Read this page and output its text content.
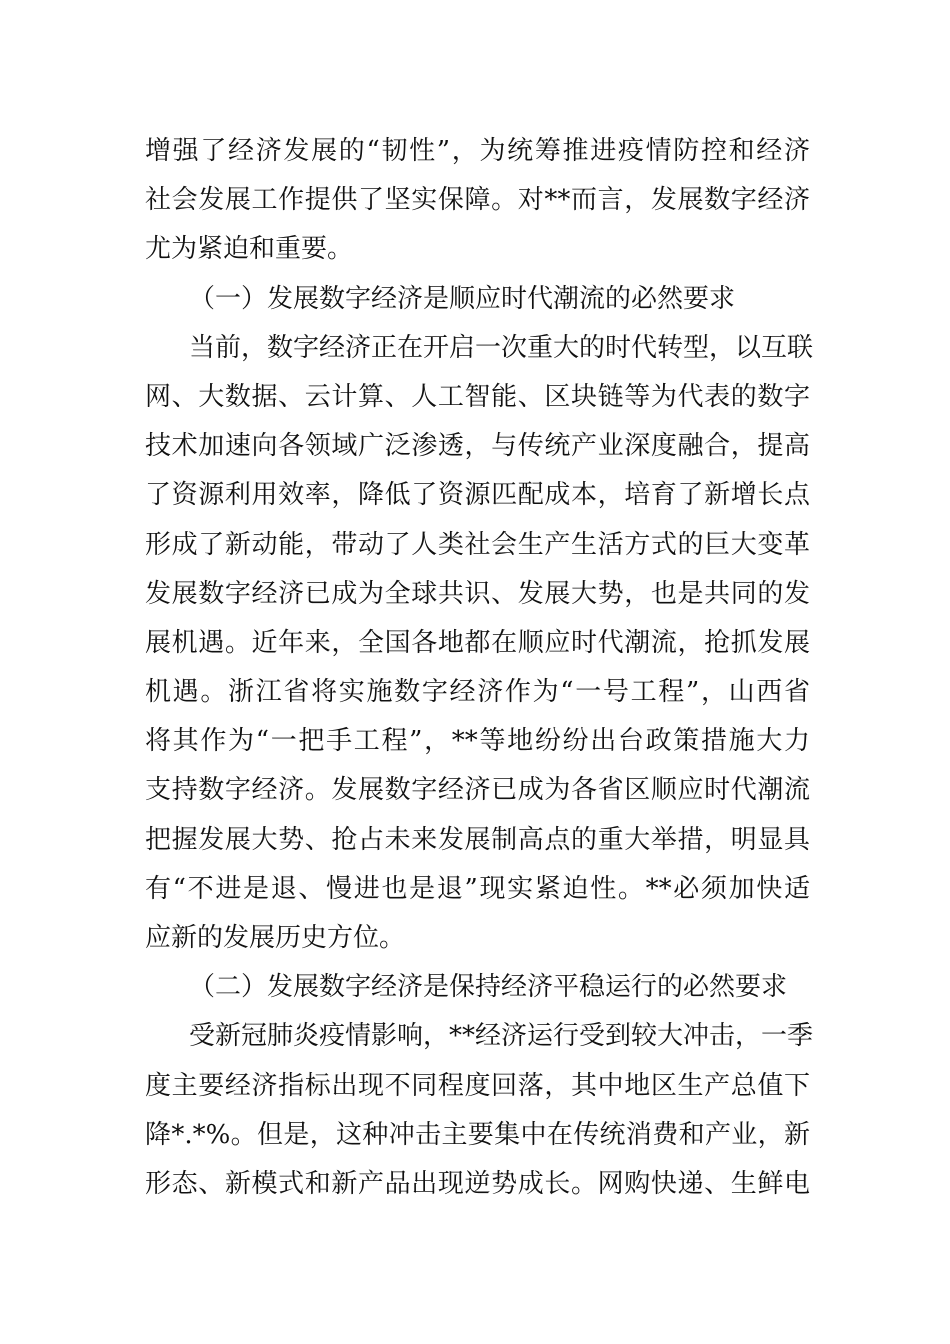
增强了经济发展的“韧性”，为统筹推进疫情防控和经济
社会发展工作提供了坚实保障。对**而言，发展数字经济
尤为紧迫和重要。
（一）发展数字经济是顺应时代潮流的必然要求
当前，数字经济正在开启一次重大的时代转型，以互联
网、大数据、云计算、人工智能、区块链等为代表的数字
技术加速向各领域广泛渗透，与传统产业深度融合，提高
了资源利用效率，降低了资源匹配成本，培育了新增长点
形成了新动能，带动了人类社会生产生活方式的巨大变革
发展数字经济已成为全球共识、发展大势，也是共同的发
展机遇。近年来，全国各地都在顺应时代潮流，抢抓发展
机遇。浙江省将实施数字经济作为“一号工程”，山西省
将其作为“一把手工程”，**等地纷纷出台政策措施大力
支持数字经济。发展数字经济已成为各省区顺应时代潮流
把握发展大势、抢占未来发展制高点的重大举措，明显具
有“不进是退、慢进也是退”现实紧迫性。**必须加快适
应新的发展历史方位。
（二）发展数字经济是保持经济平稳运行的必然要求
受新冠肺炎疫情影响，**经济运行受到较大冲击，一季
度主要经济指标出现不同程度回落，其中地区生产总值下
降*.*%。但是，这种冲击主要集中在传统消费和产业，新
形态、新模式和新产品出现逆势成长。网购快递、生鲜电
